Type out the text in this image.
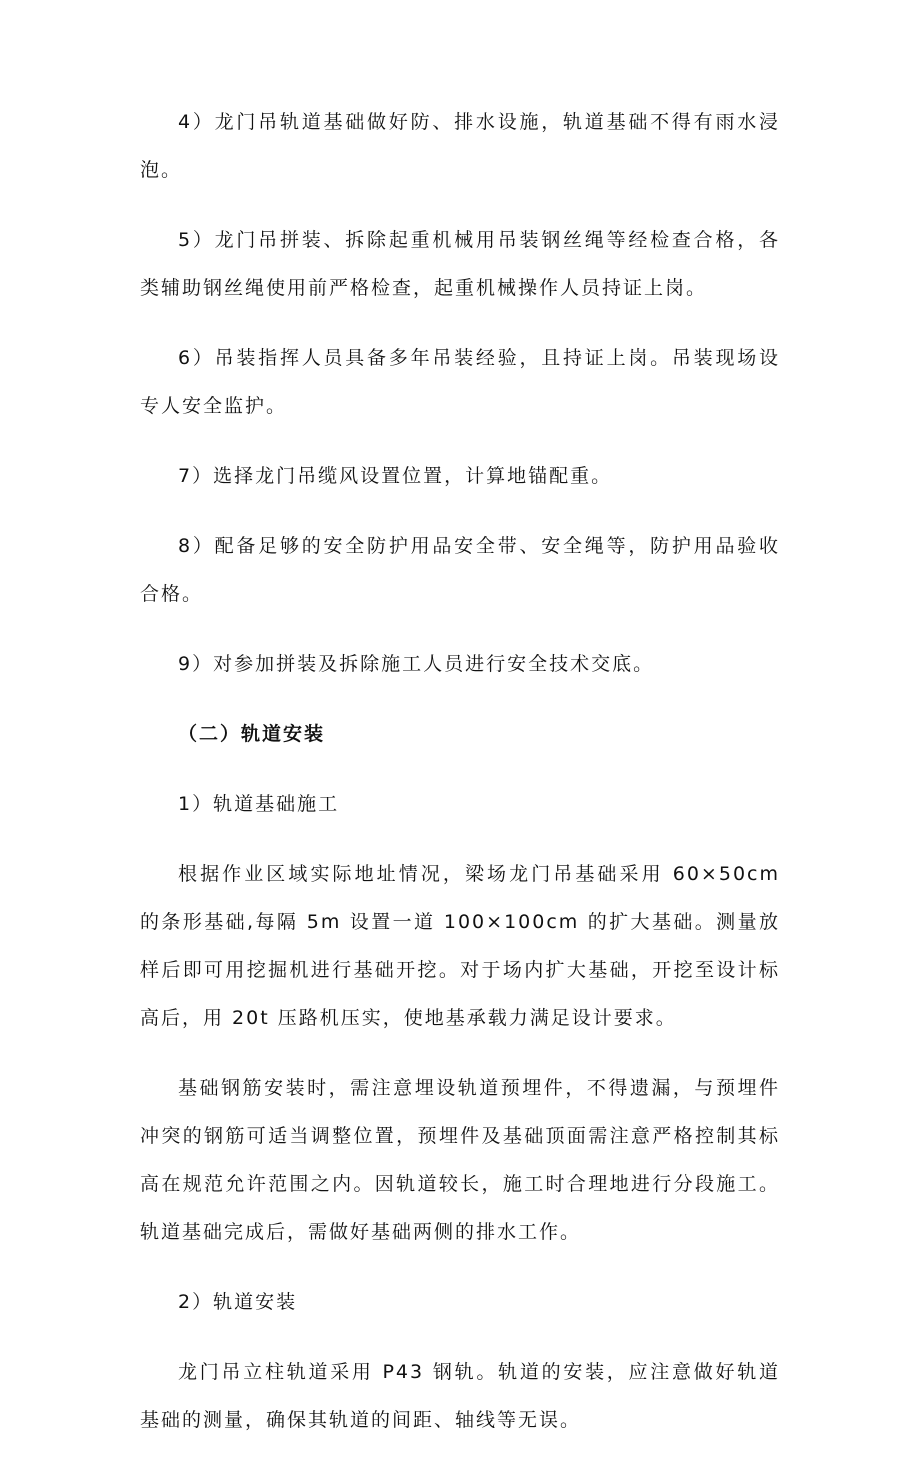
4）龙门吊轨道基础做好防、排水设施，轨道基础不得有雨水浸泡。

5）龙门吊拼装、拆除起重机械用吊装钢丝绳等经检查合格，各类辅助钢丝绳使用前严格检查，起重机械操作人员持证上岗。

6）吊装指挥人员具备多年吊装经验，且持证上岗。吊装现场设专人安全监护。

7）选择龙门吊缆风设置位置，计算地锚配重。

8）配备足够的安全防护用品安全带、安全绳等，防护用品验收合格。

9）对参加拼装及拆除施工人员进行安全技术交底。

（二）轨道安装

1）轨道基础施工

根据作业区域实际地址情况，梁场龙门吊基础采用 60×50cm 的条形基础,每隔 5m 设置一道 100×100cm 的扩大基础。测量放样后即可用挖掘机进行基础开挖。对于场内扩大基础，开挖至设计标高后，用 20t 压路机压实，使地基承载力满足设计要求。

基础钢筋安装时，需注意埋设轨道预埋件，不得遗漏，与预埋件冲突的钢筋可适当调整位置，预埋件及基础顶面需注意严格控制其标高在规范允许范围之内。因轨道较长，施工时合理地进行分段施工。轨道基础完成后，需做好基础两侧的排水工作。

2）轨道安装

龙门吊立柱轨道采用 P43 钢轨。轨道的安装，应注意做好轨道基础的测量，确保其轨道的间距、轴线等无误。
